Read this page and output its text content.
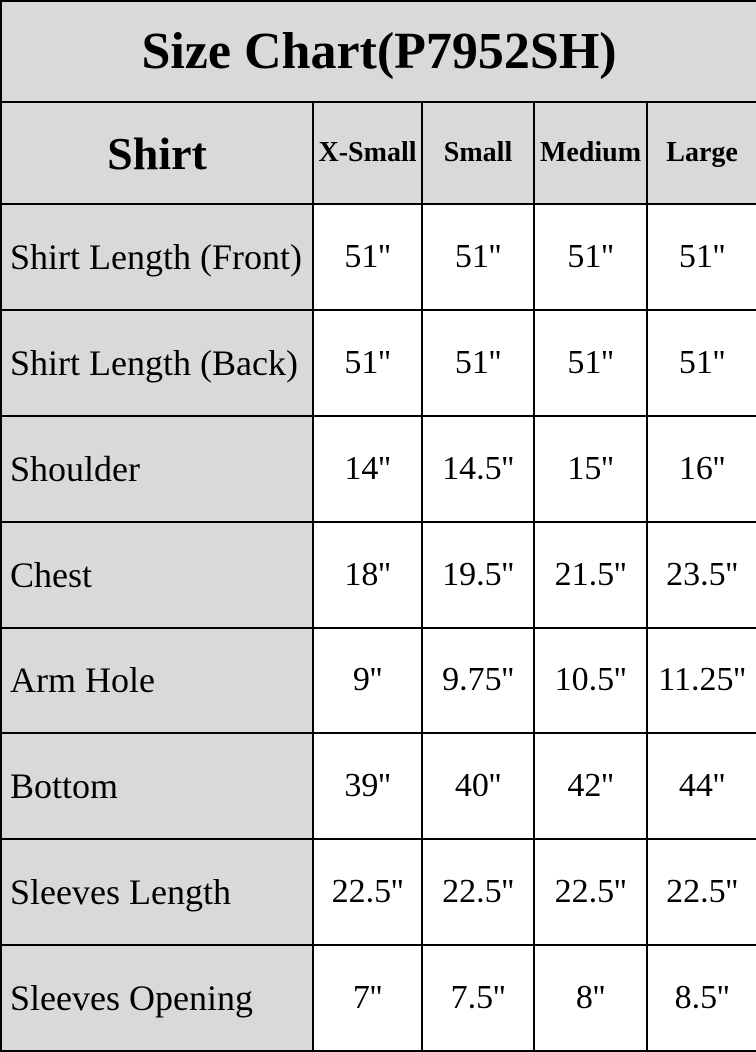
Size Chart(P7952SH)				
Shirt	X-Small	Small	Medium	Large
Shirt Length (Front)	51''	51''	51''	51''
Shirt Length (Back)	51''	51''	51''	51''
Shoulder	14''	14.5''	15''	16''
Chest	18''	19.5''	21.5''	23.5''
Arm Hole	9''	9.75''	10.5''	11.25''
Bottom	39''	40''	42''	44''
Sleeves Length	22.5''	22.5''	22.5''	22.5''
Sleeves Opening	7''	7.5''	8''	8.5''
